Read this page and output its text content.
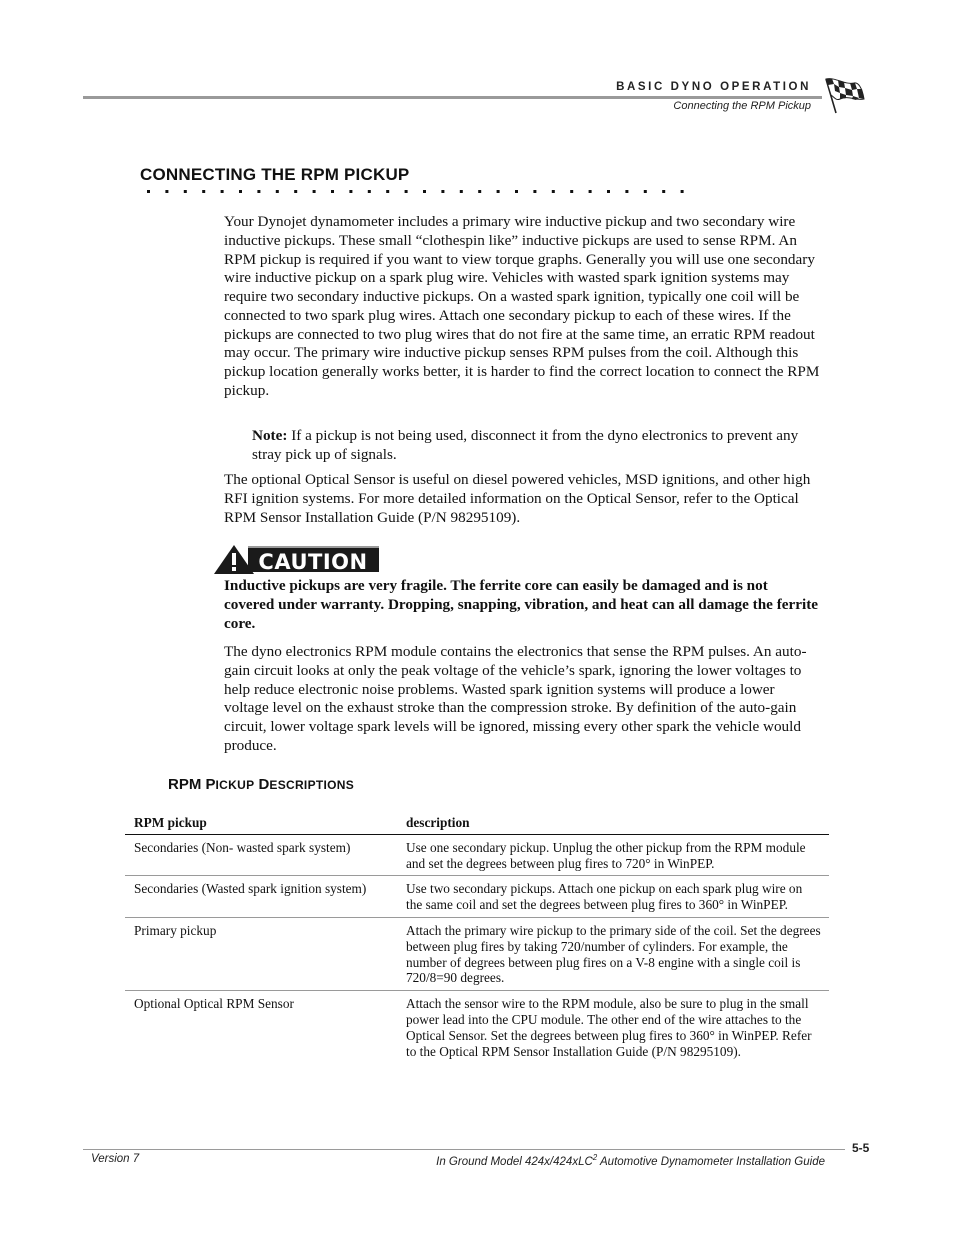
BASIC DYNO OPERATION
Connecting the RPM Pickup
CONNECTING THE RPM PICKUP

Your Dynojet dynamometer includes a primary wire inductive pickup and two secondary wire inductive pickups. These small “clothespin like” inductive pickups are used to sense RPM. An RPM pickup is required if you want to view torque graphs. Generally you will use one secondary wire inductive pickup on a spark plug wire. Vehicles with wasted spark ignition systems may require two secondary inductive pickups. On a wasted spark ignition, typically one coil will be connected to two spark plug wires. Attach one secondary pickup to each of these wires. If the pickups are connected to two plug wires that do not fire at the same time, an erratic RPM readout may occur. The primary wire inductive pickup senses RPM pulses from the coil. Although this pickup location generally works better, it is harder to find the correct location to connect the RPM pickup.

Note: If a pickup is not being used, disconnect it from the dyno electronics to prevent any stray pick up of signals.

The optional Optical Sensor is useful on diesel powered vehicles, MSD ignitions, and other high RFI ignition systems. For more detailed information on the Optical Sensor, refer to the Optical RPM Sensor Installation Guide (P/N 98295109).

CAUTION

Inductive pickups are very fragile. The ferrite core can easily be damaged and is not covered under warranty. Dropping, snapping, vibration, and heat can all damage the ferrite core.

The dyno electronics RPM module contains the electronics that sense the RPM pulses. An auto-gain circuit looks at only the peak voltage of the vehicle’s spark, ignoring the lower voltages to help reduce electronic noise problems. Wasted spark ignition systems will produce a lower voltage level on the exhaust stroke than the compression stroke. By definition of the auto-gain circuit, lower voltage spark levels will be ignored, missing every other spark the vehicle would produce.

RPM PICKUP DESCRIPTIONS
RPM pickup	description
Secondaries (Non- wasted spark system)	Use one secondary pickup. Unplug the other pickup from the RPM module and set the degrees between plug fires to 720° in WinPEP.
Secondaries (Wasted spark ignition system)	Use two secondary pickups. Attach one pickup on each spark plug wire on the same coil and set the degrees between plug fires to 360° in WinPEP.
Primary pickup	Attach the primary wire pickup to the primary side of the coil. Set the degrees between plug fires by taking 720/number of cylinders. For example, the number of degrees between plug fires on a V-8 engine with a single coil is 720/8=90 degrees.
Optional Optical RPM Sensor	Attach the sensor wire to the RPM module, also be sure to plug in the small power lead into the CPU module. The other end of the wire attaches to the Optical Sensor. Set the degrees between plug fires to 360° in WinPEP. Refer to the Optical RPM Sensor Installation Guide (P/N 98295109).
5-5
Version 7	In Ground Model 424x/424xLC$^2$ Automotive Dynamometer Installation Guide
